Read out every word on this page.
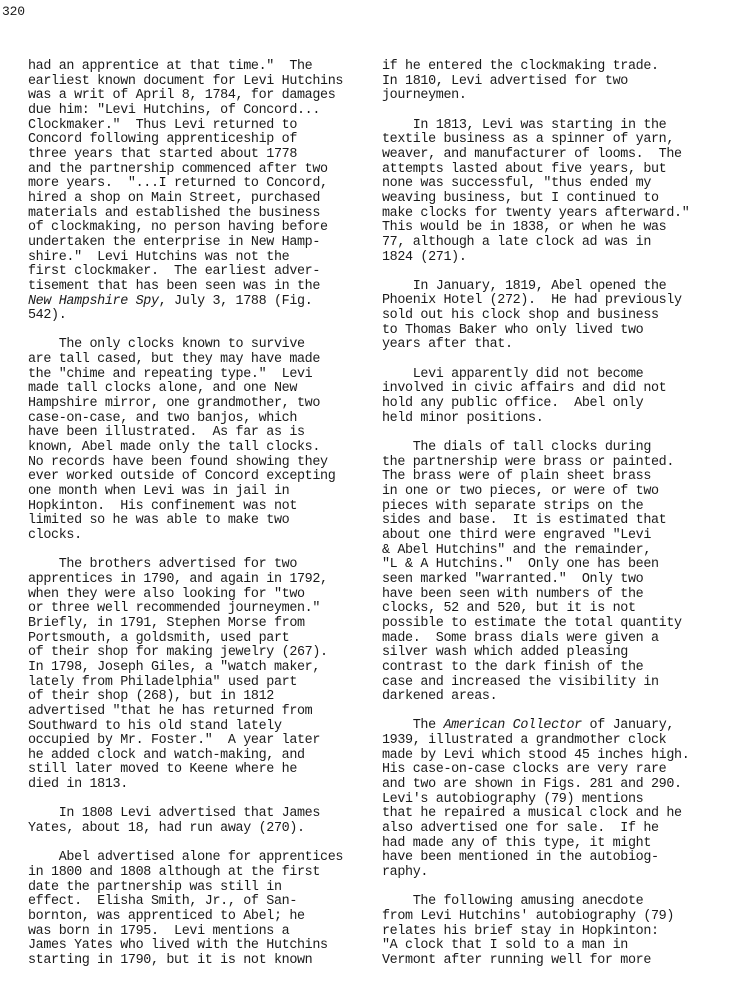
320
had an apprentice at that time."  The
earliest known document for Levi Hutchins
was a writ of April 8, 1784, for damages
due him: "Levi Hutchins, of Concord...
Clockmaker."  Thus Levi returned to
Concord following apprenticeship of
three years that started about 1778
and the partnership commenced after two
more years.  "...I returned to Concord,
hired a shop on Main Street, purchased
materials and established the business
of clockmaking, no person having before
undertaken the enterprise in New Hamp-
shire."  Levi Hutchins was not the
first clockmaker.  The earliest adver-
tisement that has been seen was in the
New Hampshire Spy, July 3, 1788 (Fig.
542).
The only clocks known to survive
are tall cased, but they may have made
the "chime and repeating type."  Levi
made tall clocks alone, and one New
Hampshire mirror, one grandmother, two
case-on-case, and two banjos, which
have been illustrated.  As far as is
known, Abel made only the tall clocks.
No records have been found showing they
ever worked outside of Concord excepting
one month when Levi was in jail in
Hopkinton.  His confinement was not
limited so he was able to make two
clocks.
The brothers advertised for two
apprentices in 1790, and again in 1792,
when they were also looking for "two
or three well recommended journeymen."
Briefly, in 1791, Stephen Morse from
Portsmouth, a goldsmith, used part
of their shop for making jewelry (267).
In 1798, Joseph Giles, a "watch maker,
lately from Philadelphia" used part
of their shop (268), but in 1812
advertised "that he has returned from
Southward to his old stand lately
occupied by Mr. Foster."  A year later
he added clock and watch-making, and
still later moved to Keene where he
died in 1813.
In 1808 Levi advertised that James
Yates, about 18, had run away (270).
Abel advertised alone for apprentices
in 1800 and 1808 although at the first
date the partnership was still in
effect.  Elisha Smith, Jr., of San-
bornton, was apprenticed to Abel; he
was born in 1795.  Levi mentions a
James Yates who lived with the Hutchins
starting in 1790, but it is not known
if he entered the clockmaking trade.
In 1810, Levi advertised for two
journeymen.
In 1813, Levi was starting in the
textile business as a spinner of yarn,
weaver, and manufacturer of looms.  The
attempts lasted about five years, but
none was successful, "thus ended my
weaving business, but I continued to
make clocks for twenty years afterward."
This would be in 1838, or when he was
77, although a late clock ad was in
1824 (271).
In January, 1819, Abel opened the
Phoenix Hotel (272).  He had previously
sold out his clock shop and business
to Thomas Baker who only lived two
years after that.
Levi apparently did not become
involved in civic affairs and did not
hold any public office.  Abel only
held minor positions.
The dials of tall clocks during
the partnership were brass or painted.
The brass were of plain sheet brass
in one or two pieces, or were of two
pieces with separate strips on the
sides and base.  It is estimated that
about one third were engraved "Levi
& Abel Hutchins" and the remainder,
"L & A Hutchins."  Only one has been
seen marked "warranted."  Only two
have been seen with numbers of the
clocks, 52 and 520, but it is not
possible to estimate the total quantity
made.  Some brass dials were given a
silver wash which added pleasing
contrast to the dark finish of the
case and increased the visibility in
darkened areas.
The American Collector of January,
1939, illustrated a grandmother clock
made by Levi which stood 45 inches high.
His case-on-case clocks are very rare
and two are shown in Figs. 281 and 290.
Levi's autobiography (79) mentions
that he repaired a musical clock and he
also advertised one for sale.  If he
had made any of this type, it might
have been mentioned in the autobiog-
raphy.
The following amusing anecdote
from Levi Hutchins' autobiography (79)
relates his brief stay in Hopkinton:
"A clock that I sold to a man in
Vermont after running well for more
